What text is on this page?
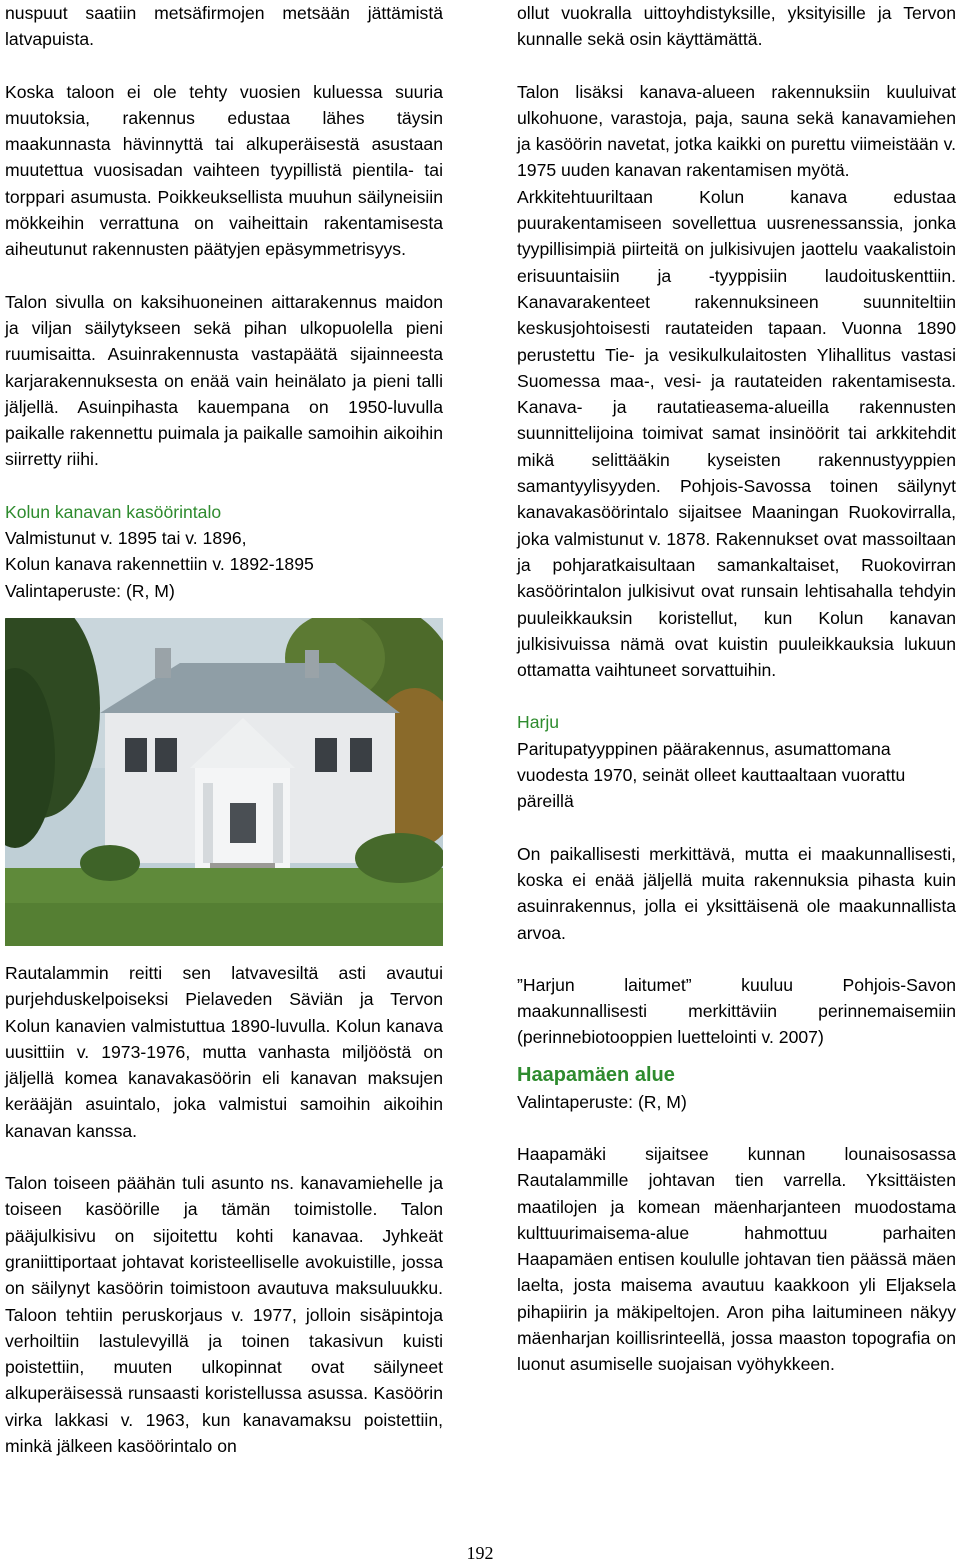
nuspuut saatiin metsäfirmojen metsään jättämistä latvapuista.

Koska taloon ei ole tehty vuosien kuluessa suuria muutoksia, rakennus edustaa lähes täysin maakunnasta hävinnyttä tai alkuperäisestä asustaan muutettua vuosisadan vaihteen tyypillistä pientila- tai torppari asumusta. Poikkeuksellista muuhun säilyneisiin mökkeihin verrattuna on vaiheittain rakentamisesta aiheutunut rakennusten päätyjen epäsymmetrisyys.

Talon sivulla on kaksihuoneinen aittarakennus maidon ja viljan säilytykseen sekä pihan ulkopuolella pieni ruumisaitta. Asuinrakennusta vastapäätä sijainneesta karjarakennuksesta on enää vain heinälato ja pieni talli jäljellä. Asuinpihasta kauempana on 1950-luvulla paikalle rakennettu puimala ja paikalle samoihin aikoihin siirretty riihi.

Kolun kanavan kasöörintalo
Valmistunut v. 1895 tai v. 1896,
Kolun kanava rakennettiin v. 1892-1895
Valintaperuste: (R, M)

Rautalammin reitti sen latvavesiltä asti avautui purjehduskelpoiseksi Pielaveden Säviän ja Tervon Kolun kanavien valmistuttua 1890-luvulla. Kolun kanava uusittiin v. 1973-1976, mutta vanhasta miljööstä on jäljellä komea kanavakasöörin eli kanavan maksujen kerääjän asuintalo, joka valmistui samoihin aikoihin kanavan kanssa.

Talon toiseen päähän tuli asunto ns. kanavamiehelle ja toiseen kasöörille ja tämän toimistolle. Talon pääjulkisivu on sijoitettu kohti kanavaa. Jyhkeät graniittiportaat johtavat koristeelliselle avokuistille, jossa on säilynyt kasöörin toimistoon avautuva maksuluukku. Taloon tehtiin peruskorjaus v. 1977, jolloin sisäpintoja verhoiltiin lastulevyillä ja toinen takasivun kuisti poistettiin, muuten ulkopinnat ovat säilyneet alkuperäisessä runsaasti koristellussa asussa. Kasöörin virka lakkasi v. 1963, kun kanavamaksu poistettiin, minkä jälkeen kasöörintalo on

ollut vuokralla uittoyhdistyksille, yksityisille ja Tervon kunnalle sekä osin käyttämättä.

Talon lisäksi kanava-alueen rakennuksiin kuuluivat ulkohuone, varastoja, paja, sauna sekä kanavamiehen ja kasöörin navetat, jotka kaikki on purettu viimeistään v. 1975 uuden kanavan rakentamisen myötä.

Arkkitehtuuriltaan Kolun kanava edustaa puurakentamiseen sovellettua uusrenessanssia, jonka tyypillisimpiä piirteitä on julkisivujen jaottelu vaakalistoin erisuuntaisiin ja -tyyppisiin laudoituskenttiin. Kanavarakenteet rakennuksineen suunniteltiin keskusjohtoisesti rautateiden tapaan. Vuonna 1890 perustettu Tie- ja vesikulkulaitosten Ylihallitus vastasi Suomessa maa-, vesi- ja rautateiden rakentamisesta. Kanava- ja rautatieasema-alueilla rakennusten suunnittelijoina toimivat samat insinöörit tai arkkitehdit mikä selittääkin kyseisten rakennustyyppien samantyylisyyden. Pohjois-Savossa toinen säilynyt kanavakasöörintalo sijaitsee Maaningan Ruokovirralla, joka valmistunut v. 1878. Rakennukset ovat massoiltaan ja pohjaratkaisultaan samankaltaiset, Ruokovirran kasöörintalon julkisivut ovat runsain lehtisahalla tehdyin puuleikkauksin koristellut, kun Kolun kanavan julkisivuissa nämä ovat kuistin puuleikkauksia lukuun ottamatta vaihtuneet sorvattuihin.

Harju

Paritupatyyppinen päärakennus, asumattomana vuodesta 1970, seinät olleet kauttaaltaan vuorattu päreillä

On paikallisesti merkittävä, mutta ei maakunnallisesti, koska ei enää jäljellä muita rakennuksia pihasta kuin asuinrakennus, jolla ei yksittäisenä ole maakunnallista arvoa.

”Harjun laitumet” kuuluu Pohjois-Savon maakunnallisesti merkittäviin perinnemaisemiin (perinnebiotooppien luettelointi v. 2007)

Haapamäen alue
Valintaperuste: (R, M)

Haapamäki sijaitsee kunnan lounaisosassa Rautalammille johtavan tien varrella. Yksittäisten maatilojen ja komean mäenharjanteen muodostama kulttuurimaisema-alue hahmottuu parhaiten Haapamäen entisen koululle johtavan tien päässä mäen laelta, josta maisema avautuu kaakkoon yli Eljaksela pihapiirin ja mäkipeltojen. Aron piha laitumineen näkyy mäenharjan koillisrinteellä, jossa maaston topografia on luonut asumiselle suojaisan vyöhykkeen.

192
